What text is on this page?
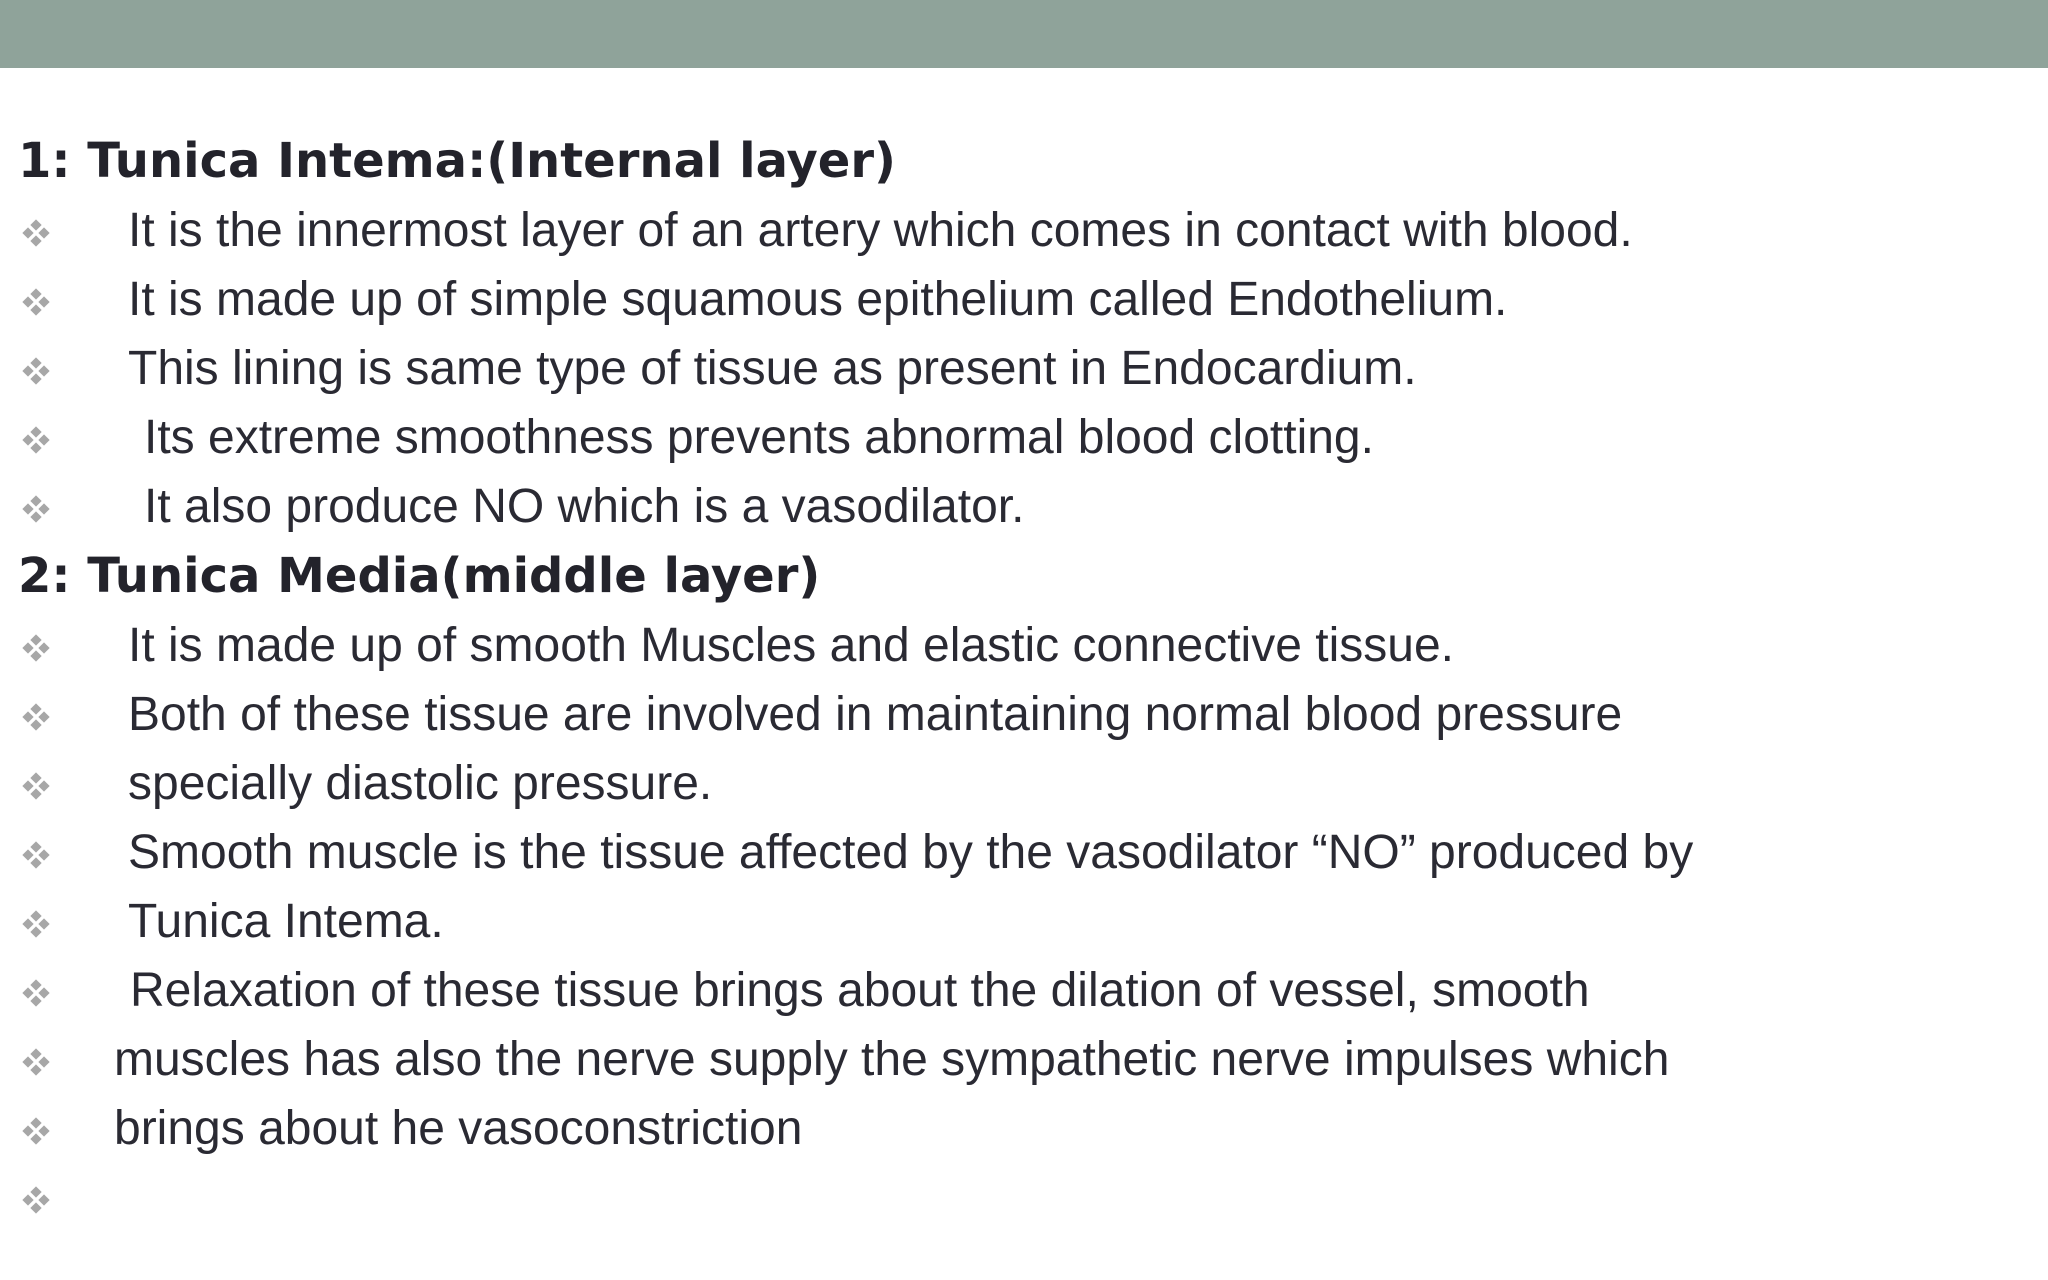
1: Tunica Intema:(Internal layer)
It is the innermost layer of an artery which comes in contact with blood.
It is made up of simple squamous epithelium called Endothelium.
This lining is same type of tissue as present in Endocardium.
Its extreme smoothness prevents abnormal blood clotting.
It also produce NO which is a vasodilator.
2: Tunica Media(middle layer)
It is made up of smooth Muscles and elastic connective tissue.
Both of these tissue are involved in maintaining normal blood pressure
specially diastolic pressure.
Smooth muscle is the tissue affected by the vasodilator “NO” produced by
Tunica Intema.
Relaxation of these tissue brings about the dilation of vessel, smooth
muscles has also the nerve supply the sympathetic nerve impulses which
brings about he vasoconstriction
